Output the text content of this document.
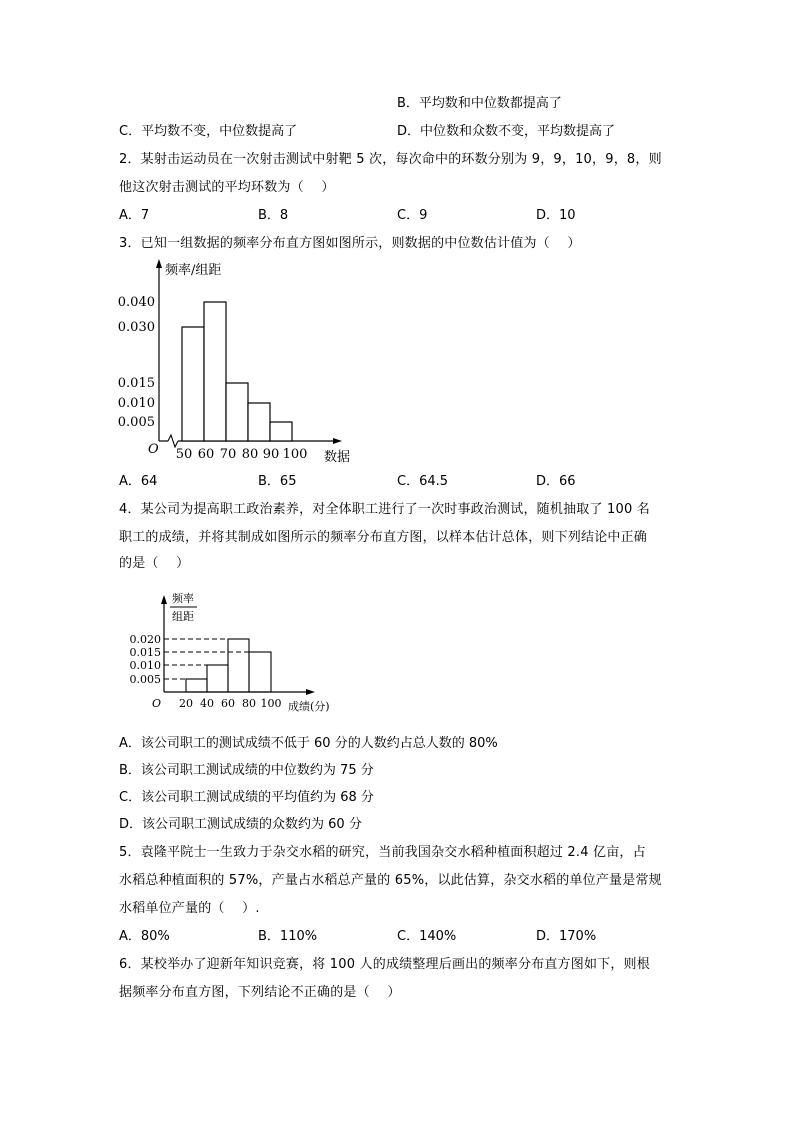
B．平均数和中位数都提高了
C．平均数不变，中位数提高了	D．中位数和众数不变，平均数提高了
2．某射击运动员在一次射击测试中射靶 5 次，每次命中的环数分别为 9，9，10，9，8，则
他这次射击测试的平均环数为（　 ）
A．7	B．8	C．9	D．10
3．已知一组数据的频率分布直方图如图所示，则数据的中位数估计值为（　 ）
0.040
0.030
0.015
0.010
0.005
O 50 60 70 80 90 100 数据
频率/组距
A．64	B．65	C．64.5	D．66
4．某公司为提高职工政治素养，对全体职工进行了一次时事政治测试，随机抽取了 100 名
职工的成绩，并将其制成如图所示的频率分布直方图，以样本估计总体，则下列结论中正确
的是（　 ）
0.020
0.015
0.010
0.005
O 20 40 60 80 100 成绩(分)
频率
组距
A．该公司职工的测试成绩不低于 60 分的人数约占总人数的 80%
B．该公司职工测试成绩的中位数约为 75 分
C．该公司职工测试成绩的平均值约为 68 分
D．该公司职工测试成绩的众数约为 60 分
5．袁隆平院士一生致力于杂交水稻的研究，当前我国杂交水稻种植面积超过 2.4 亿亩，占
水稻总种植面积的 57%，产量占水稻总产量的 65%，以此估算，杂交水稻的单位产量是常规
水稻单位产量的（　 ）.
A．80%	B．110%	C．140%	D．170%
6．某校举办了迎新年知识竞赛，将 100 人的成绩整理后画出的频率分布直方图如下，则根
据频率分布直方图，下列结论不正确的是（　 ）
